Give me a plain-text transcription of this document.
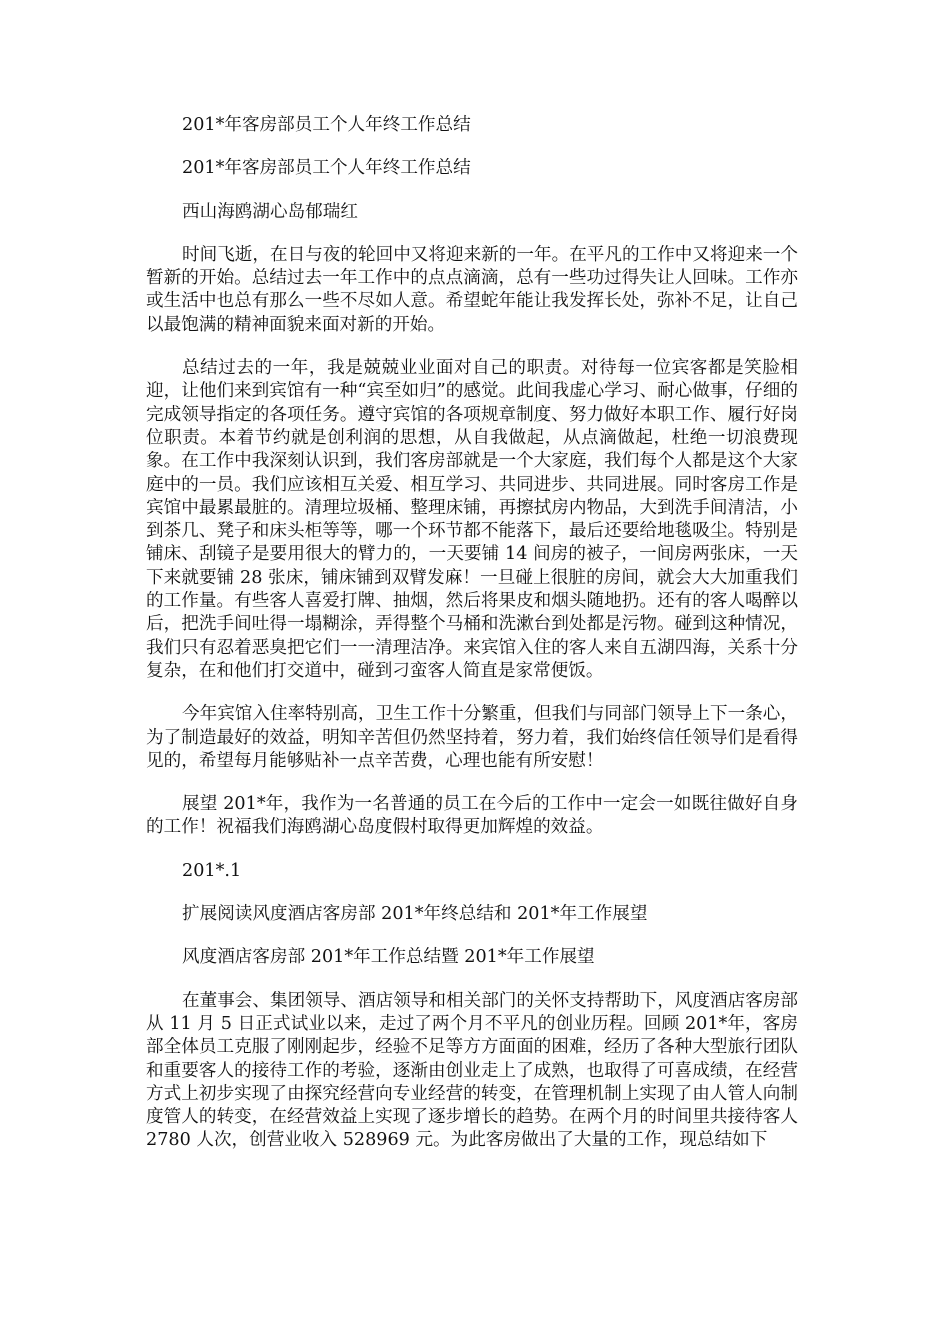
201*年客房部员工个人年终工作总结

201*年客房部员工个人年终工作总结

西山海鸥湖心岛郁瑞红

时间飞逝，在日与夜的轮回中又将迎来新的一年。在平凡的工作中又将迎来一个暂新的开始。总结过去一年工作中的点点滴滴，总有一些功过得失让人回味。工作亦或生活中也总有那么一些不尽如人意。希望蛇年能让我发挥长处，弥补不足，让自己以最饱满的精神面貌来面对新的开始。

总结过去的一年，我是兢兢业业面对自己的职责。对待每一位宾客都是笑脸相迎，让他们来到宾馆有一种“宾至如归”的感觉。此间我虚心学习、耐心做事，仔细的完成领导指定的各项任务。遵守宾馆的各项规章制度、努力做好本职工作、履行好岗位职责。本着节约就是创利润的思想，从自我做起，从点滴做起，杜绝一切浪费现象。在工作中我深刻认识到，我们客房部就是一个大家庭，我们每个人都是这个大家庭中的一员。我们应该相互关爱、相互学习、共同进步、共同进展。同时客房工作是宾馆中最累最脏的。清理垃圾桶、整理床铺，再擦拭房内物品，大到洗手间清洁，小到茶几、凳子和床头柜等等，哪一个环节都不能落下，最后还要给地毯吸尘。特别是铺床、刮镜子是要用很大的臂力的，一天要铺 14 间房的被子，一间房两张床，一天下来就要铺 28 张床，铺床铺到双臂发麻！一旦碰上很脏的房间，就会大大加重我们的工作量。有些客人喜爱打牌、抽烟，然后将果皮和烟头随地扔。还有的客人喝醉以后，把洗手间吐得一塌糊涂，弄得整个马桶和洗漱台到处都是污物。碰到这种情况，我们只有忍着恶臭把它们一一清理洁净。来宾馆入住的客人来自五湖四海，关系十分复杂，在和他们打交道中，碰到刁蛮客人简直是家常便饭。

今年宾馆入住率特别高，卫生工作十分繁重，但我们与同部门领导上下一条心，为了制造最好的效益，明知辛苦但仍然坚持着，努力着，我们始终信任领导们是看得见的，希望每月能够贴补一点辛苦费，心理也能有所安慰！

展望 201*年，我作为一名普通的员工在今后的工作中一定会一如既往做好自身的工作！祝福我们海鸥湖心岛度假村取得更加辉煌的效益。

201*.1

扩展阅读风度酒店客房部 201*年终总结和 201*年工作展望

风度酒店客房部 201*年工作总结暨 201*年工作展望

在董事会、集团领导、酒店领导和相关部门的关怀支持帮助下，风度酒店客房部从 11 月 5 日正式试业以来，走过了两个月不平凡的创业历程。回顾 201*年，客房部全体员工克服了刚刚起步，经验不足等方方面面的困难，经历了各种大型旅行团队和重要客人的接待工作的考验，逐渐由创业走上了成熟，也取得了可喜成绩，在经营方式上初步实现了由探究经营向专业经营的转变，在管理机制上实现了由人管人向制度管人的转变，在经营效益上实现了逐步增长的趋势。在两个月的时间里共接待客人 2780 人次，创营业收入 528969 元。为此客房做出了大量的工作，现总结如下
